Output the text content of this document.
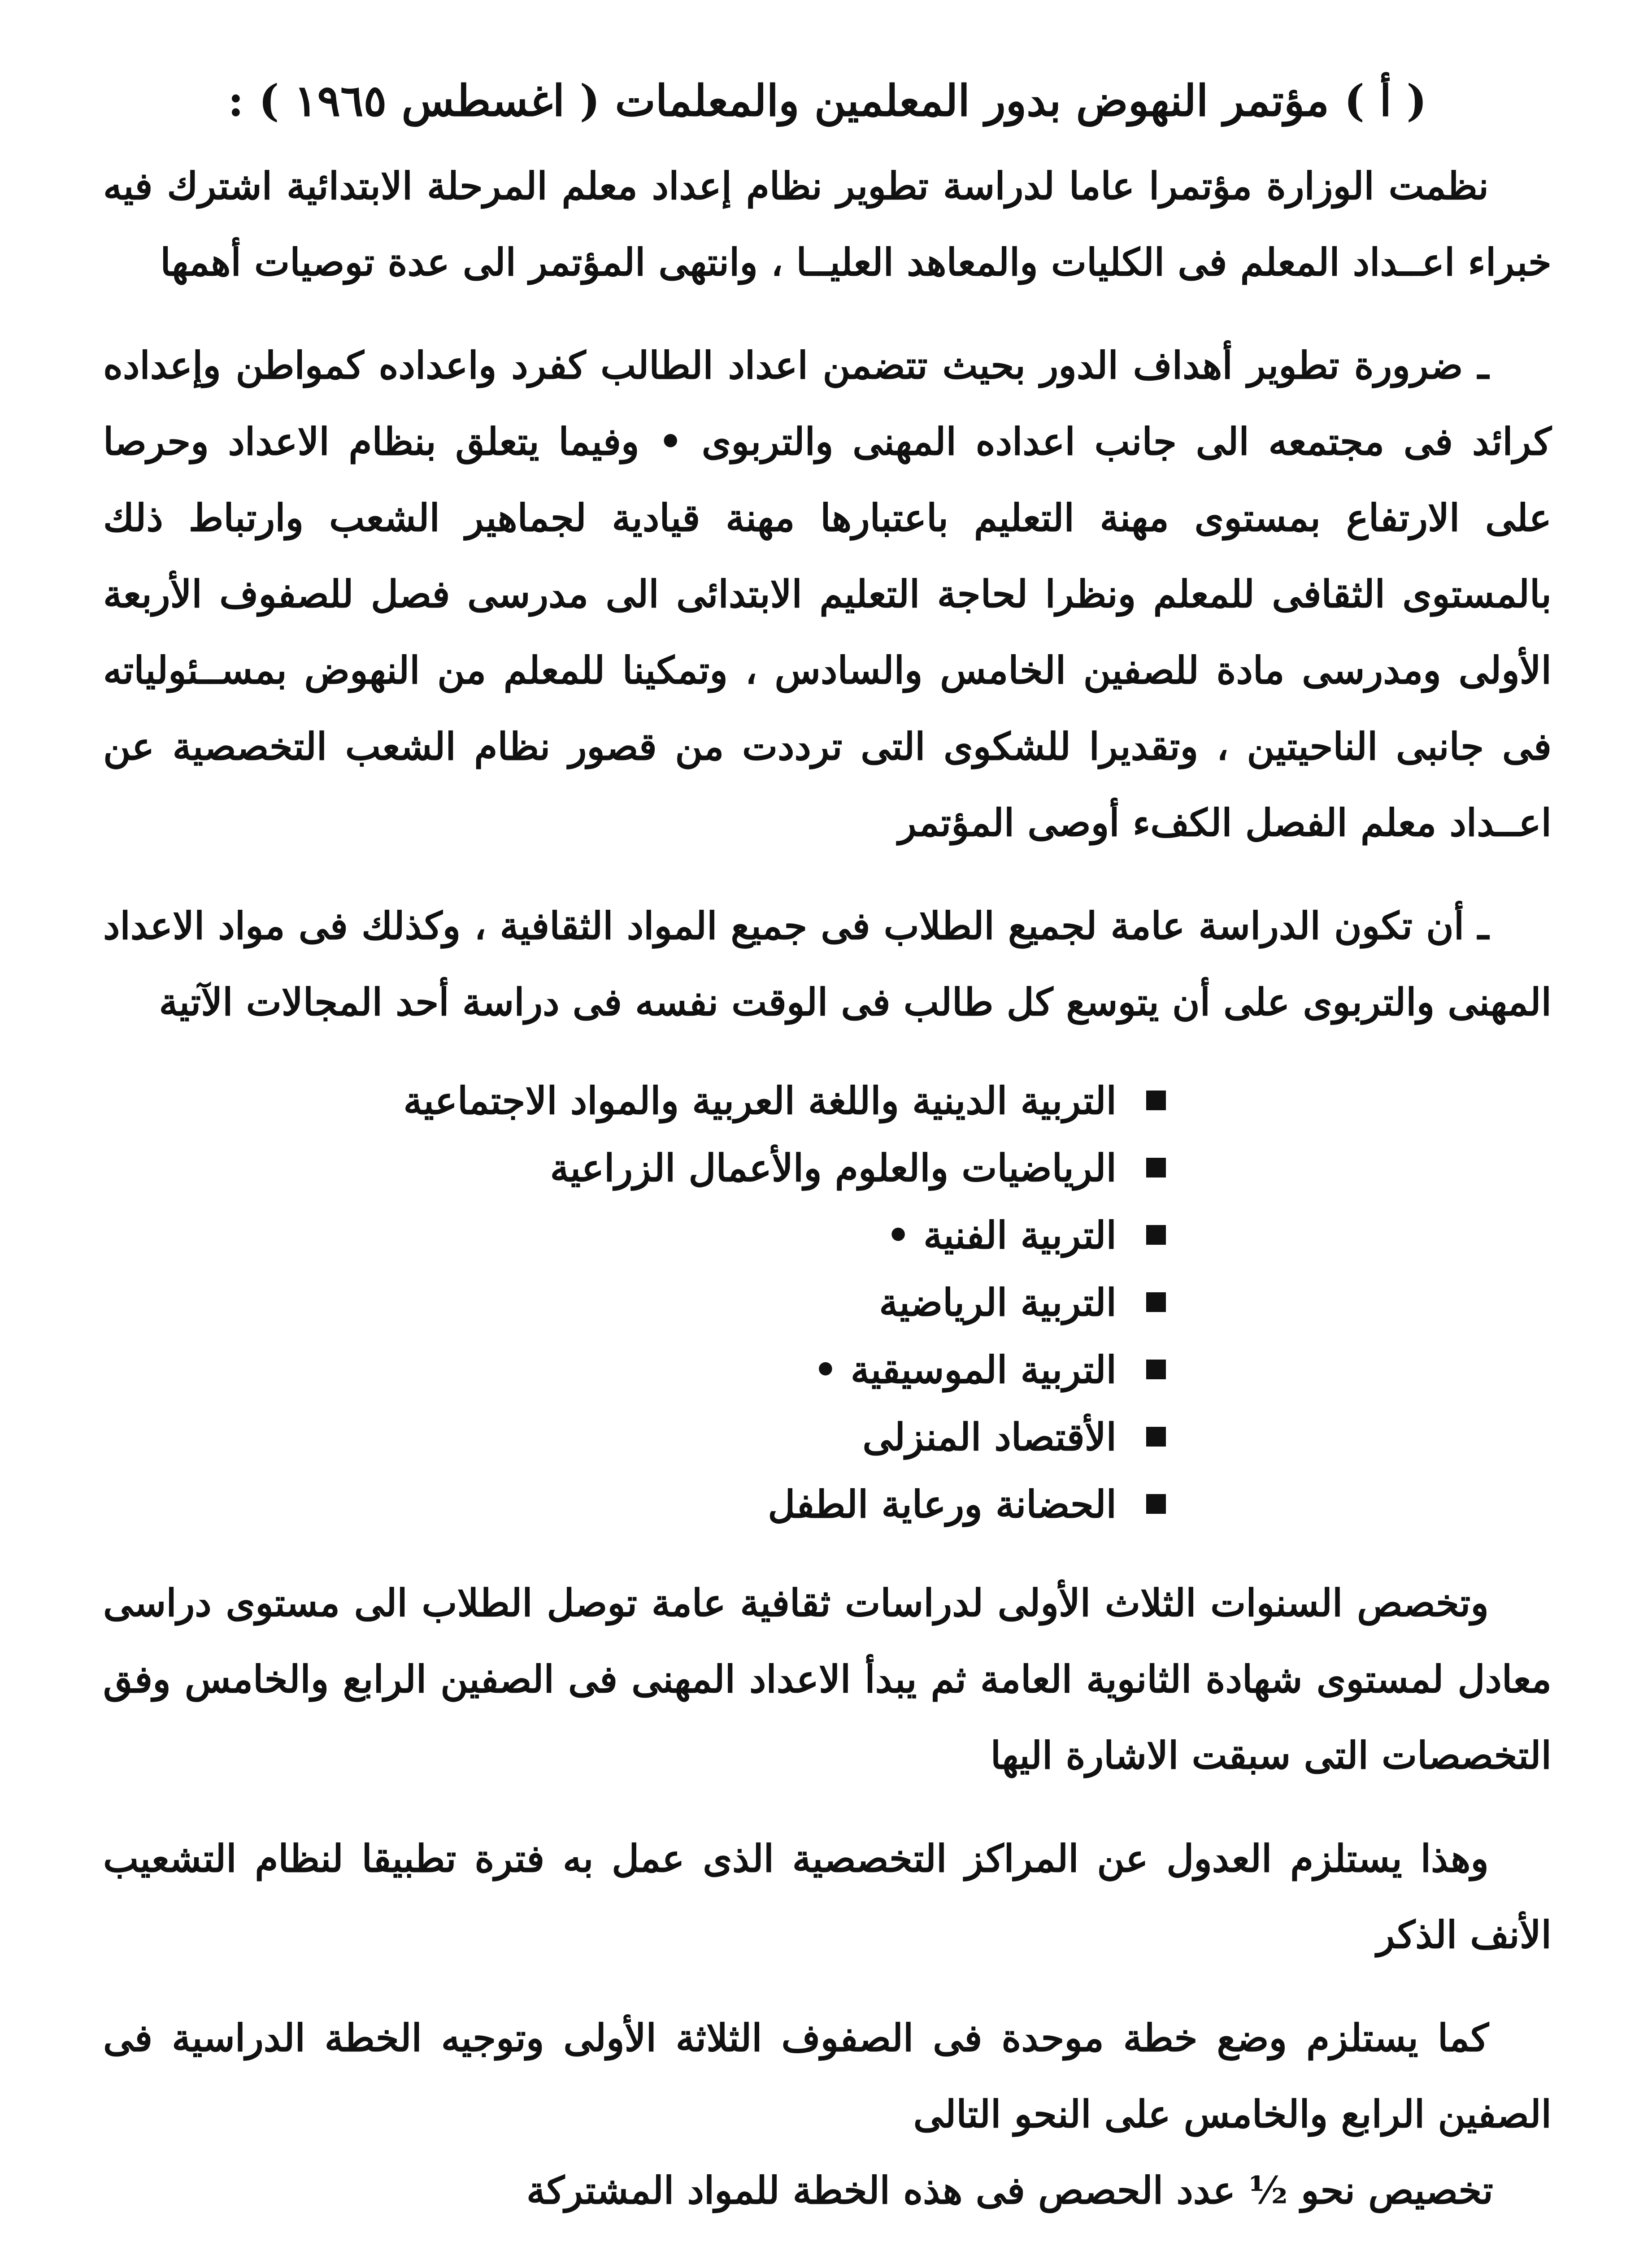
( أ ) مؤتمر النهوض بدور المعلمين والمعلمات ( اغسطس ١٩٦٥ ) :

نظمت الوزارة مؤتمرا عاما لدراسة تطوير نظام إعداد معلم المرحلة الابتدائية اشترك فيه خبراء اعــداد المعلم فى الكليات والمعاهد العليــا ، وانتهى المؤتمر الى عدة توصيات أهمها

ـ ضرورة تطوير أهداف الدور بحيث تتضمن اعداد الطالب كفرد واعداده كمواطن وإعداده كرائد فى مجتمعه الى جانب اعداده المهنى والتربوى • وفيما يتعلق بنظام الاعداد وحرصا على الارتفاع بمستوى مهنة التعليم باعتبارها مهنة قيادية لجماهير الشعب وارتباط ذلك بالمستوى الثقافى للمعلم ونظرا لحاجة التعليم الابتدائى الى مدرسى فصل للصفوف الأربعة الأولى ومدرسى مادة للصفين الخامس والسادس ، وتمكينا للمعلم من النهوض بمســئولياته فى جانبى الناحيتين ، وتقديرا للشكوى التى ترددت من قصور نظام الشعب التخصصية عن اعــداد معلم الفصل الكفء أوصى المؤتمر

ـ أن تكون الدراسة عامة لجميع الطلاب فى جميع المواد الثقافية ، وكذلك فى مواد الاعداد المهنى والتربوى على أن يتوسع كل طالب فى الوقت نفسه فى دراسة أحد المجالات الآتية

التربية الدينية واللغة العربية والمواد الاجتماعية
الرياضيات والعلوم والأعمال الزراعية
التربية الفنية •
التربية الرياضية
التربية الموسيقية •
الأقتصاد المنزلى
الحضانة ورعاية الطفل

وتخصص السنوات الثلاث الأولى لدراسات ثقافية عامة توصل الطلاب الى مستوى دراسى معادل لمستوى شهادة الثانوية العامة ثم يبدأ الاعداد المهنى فى الصفين الرابع والخامس وفق التخصصات التى سبقت الاشارة اليها

وهذا يستلزم العدول عن المراكز التخصصية الذى عمل به فترة تطبيقا لنظام التشعيب الأنف الذكر

كما يستلزم وضع خطة موحدة فى الصفوف الثلاثة الأولى وتوجيه الخطة الدراسية فى الصفين الرابع والخامس على النحو التالى

تخصيص نحو ½ عدد الحصص فى هذه الخطة للمواد المشتركة
